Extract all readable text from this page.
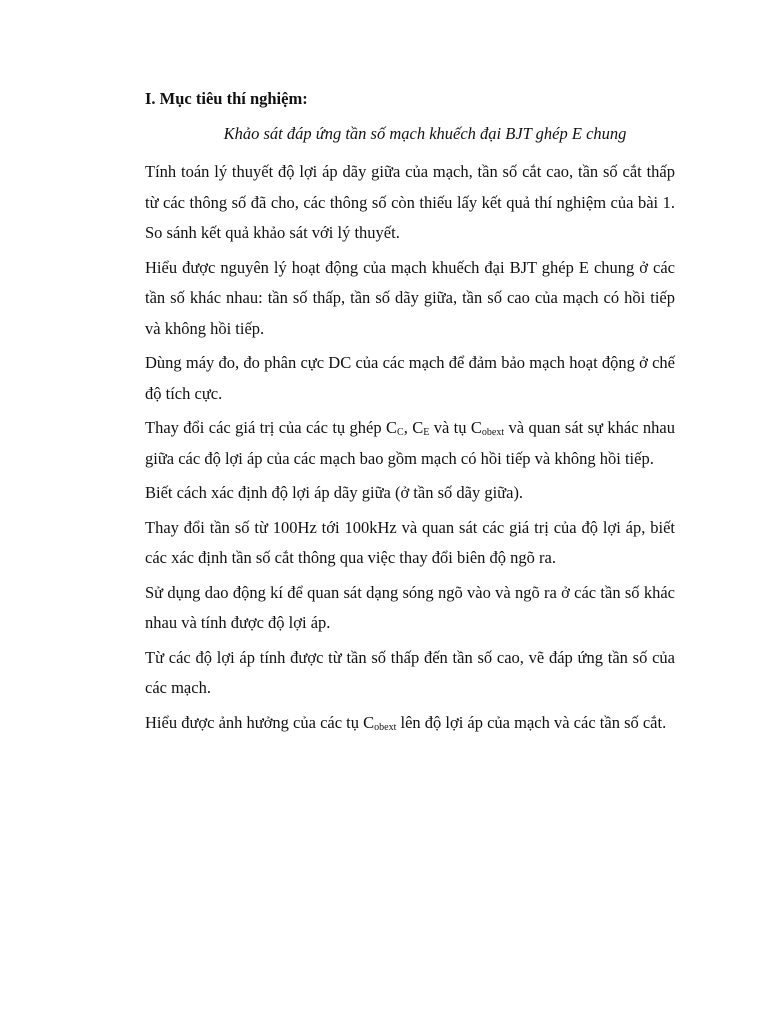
I. Mục tiêu thí nghiệm:
Khảo sát đáp ứng tần số mạch khuếch đại BJT ghép E chung

Tính toán lý thuyết độ lợi áp dãy giữa của mạch, tần số cắt cao, tần số cắt thấp từ các thông số đã cho, các thông số còn thiếu lấy kết quả thí nghiệm của bài 1. So sánh kết quả khảo sát với lý thuyết.

Hiểu được nguyên lý hoạt động của mạch khuếch đại BJT ghép E chung ở các tần số khác nhau: tần số thấp, tần số dãy giữa, tần số cao của mạch có hồi tiếp và không hồi tiếp.

Dùng máy đo, đo phân cực DC của các mạch để đảm bảo mạch hoạt động ở chế độ tích cực.

Thay đổi các giá trị của các tụ ghép $C_C$, $C_E$ và tụ $C_{obext}$ và quan sát sự khác nhau giữa các độ lợi áp của các mạch bao gồm mạch có hồi tiếp và không hồi tiếp.

Biết cách xác định độ lợi áp dãy giữa (ở tần số dãy giữa).

Thay đổi tần số từ 100Hz tới 100kHz và quan sát các giá trị của độ lợi áp, biết các xác định tần số cắt thông qua việc thay đổi biên độ ngõ ra.

Sử dụng dao động kí để quan sát dạng sóng ngõ vào và ngõ ra ở các tần số khác nhau và tính được độ lợi áp.

Từ các độ lợi áp tính được từ tần số thấp đến tần số cao, vẽ đáp ứng tần số của các mạch.

Hiểu được ảnh hưởng của các tụ $C_{obext}$ lên độ lợi áp của mạch và các tần số cắt.
